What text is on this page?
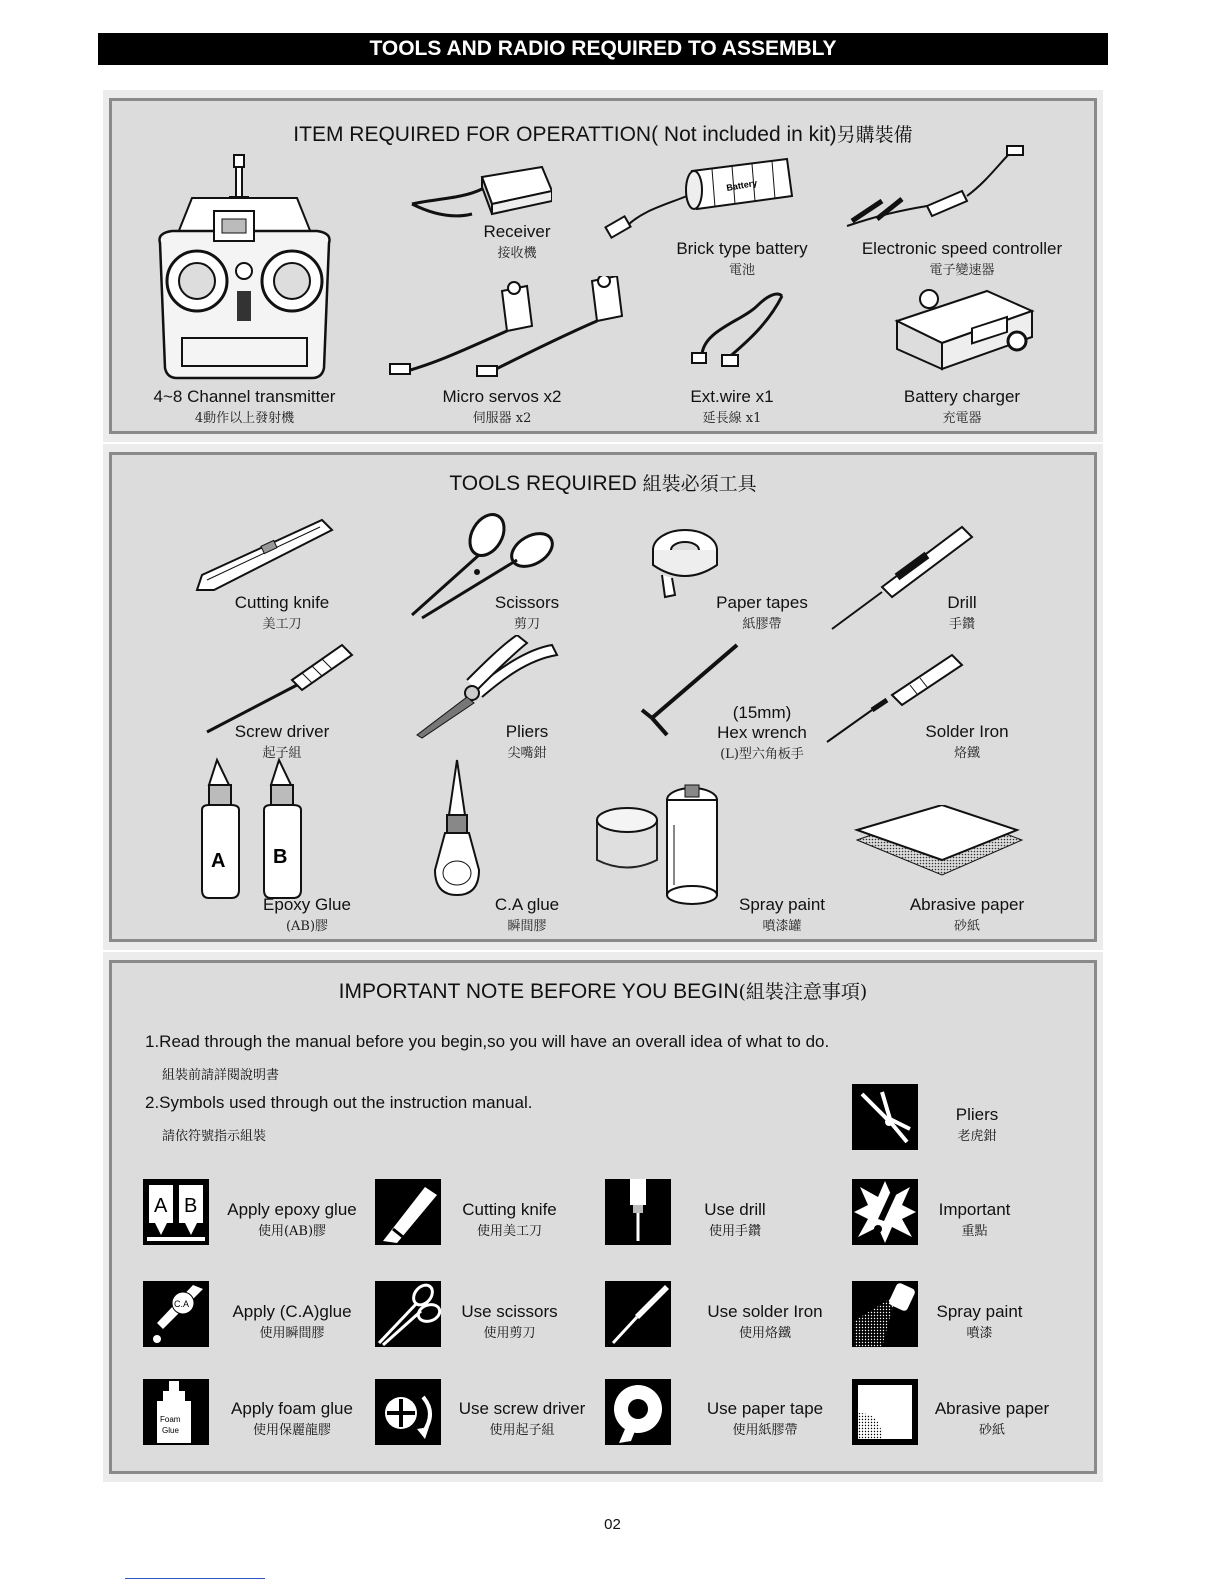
TOOLS AND RADIO REQUIRED TO ASSEMBLY
ITEM REQUIRED FOR OPERATTION( Not included in kit)另購裝備
4~8 Channel transmitter
4動作以上發射機
Receiver
接收機
Battery
Brick type battery
電池
Electronic speed controller
電子變速器
Micro servos x2
伺服器 x2
Ext.wire x1
延長線 x1
Battery charger
充電器
TOOLS REQUIRED 組裝必須工具
Cutting knife
美工刀
Scissors
剪刀
Paper tapes
紙膠帶
Drill
手鑽
Screw driver
起子組
Pliers
尖嘴鉗
(15mm)
Hex wrench
(L)型六角板手
Solder Iron
烙鐵
A B
Epoxy Glue
(AB)膠
C.A glue
瞬間膠
Spray paint
噴漆罐
Abrasive paper
砂紙
IMPORTANT NOTE BEFORE YOU BEGIN(組裝注意事項)
1.Read through the manual before you begin,so you will have an overall idea of what to do.
組裝前請詳閱說明書
2.Symbols used through out the instruction manual.
請依符號指示組裝
Pliers
老虎鉗
A B	Apply epoxy glue
使用(AB)膠
Cutting knife
使用美工刀
Use drill
使用手鑽
Important
重點
C.A	Apply (C.A)glue
使用瞬間膠
Use scissors
使用剪刀
Use solder Iron
使用烙鐵
Spray paint
噴漆
Foam
Glue
Apply foam glue
使用保麗龍膠
Use screw driver
使用起子組
Use paper tape
使用紙膠帶
Abrasive paper
砂紙
02
